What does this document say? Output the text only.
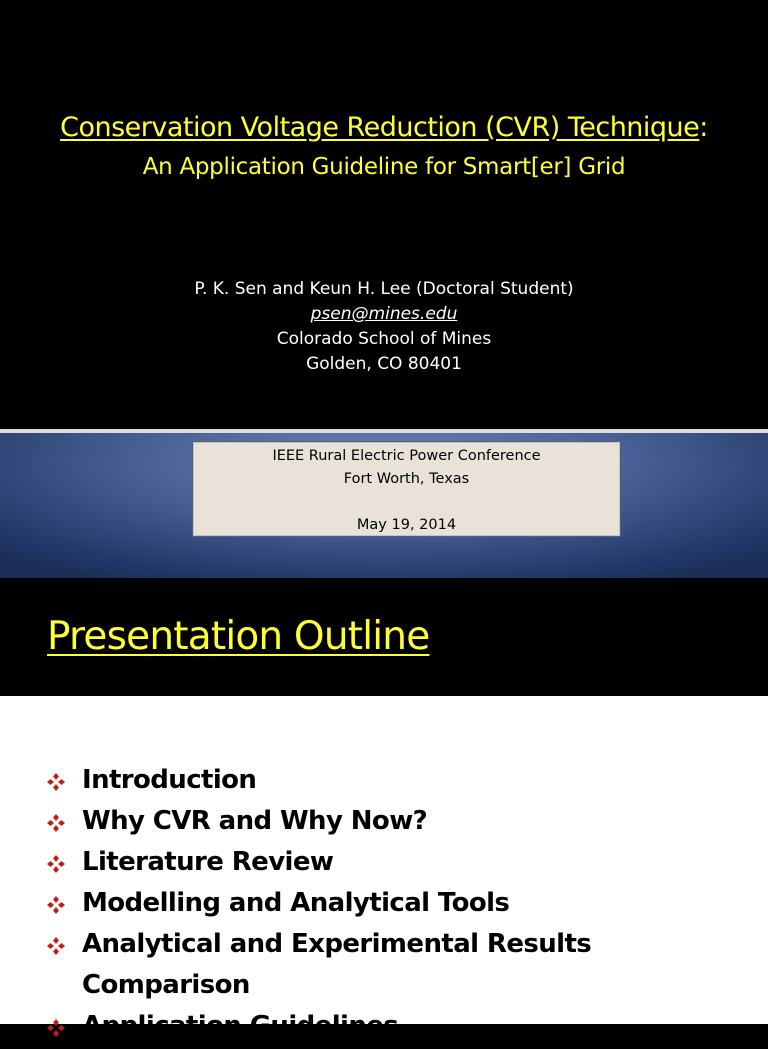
Conservation Voltage Reduction (CVR) Technique:
An Application Guideline for Smart[er] Grid
P. K. Sen and Keun H. Lee (Doctoral Student)
psen@mines.edu
Colorado School of Mines
Golden, CO 80401
IEEE Rural Electric Power Conference
Fort Worth, Texas
May 19, 2014
Presentation Outline
Introduction
Why CVR and Why Now?
Literature Review
Modelling and Analytical Tools
Analytical and Experimental Results
Comparison
Application Guidelines
